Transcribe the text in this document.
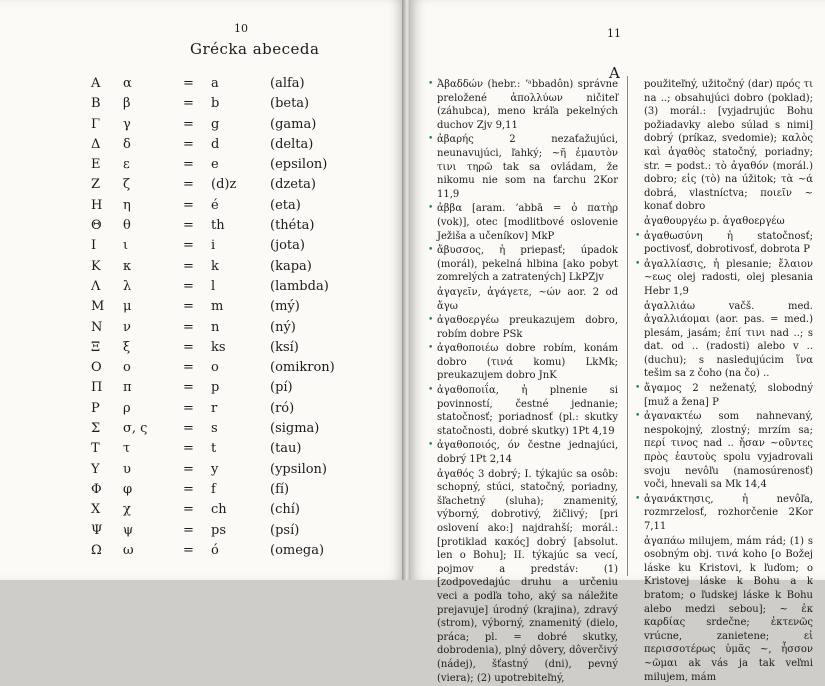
10
Grécka abeceda
Α α	= a	(alfa)
Β β	= b	(beta)
Γ γ	= g	(gama)
Δ δ	= d	(delta)
Ε ε	= e	(epsilon)
Ζ ζ	= (d)z	(dzeta)
Η η	= é	(eta)
Θ θ	= th	(théta)
Ι ι	= i	(jota)
Κ κ	= k	(kapa)
Λ λ	= l	(lambda)
Μ μ	= m	(mý)
Ν ν	= n	(ný)
Ξ ξ	= ks	(ksí)
Ο ο	= o	(omikron)
Π π	= p	(pí)
Ρ ρ	= r	(ró)
Σ σ, ς	= s	(sigma)
Τ τ	= t	(tau)
Υ υ	= y	(ypsilon)
Φ φ	= f	(fí)
Χ χ	= ch	(chí)
Ψ ψ	= ps	(psí)
Ω ω	= ó	(omega)
11
A
• Ἀβαδδών (hebr.: ʼᵃbbadôn) správne preložené ἀπολλύων ničiteľ (záhubca), meno kráľa pekelných duchov Zjv 9,11
• ἀβαρής 2 nezaťažujúci, neunavujúci, ľahký; ~ῆ ἐμαυτὸν τινι τηρῶ tak sa ovládam, že nikomu nie som na ťarchu 2Kor 11,9
• ἀββα [aram. ʼabbā = ὁ πατὴρ (vok)], otec [modlitbové oslovenie Ježiša a učeníkov] MkP
• ἄβυσσος, ἡ priepasť; úpadok (morál), pekelná hlbina [ako pobyt zomrelých a zatratených] LkPZjv
ἀγαγεῖν, ἀγάγετε, ~ών aor. 2 od ἄγω
• ἀγαθοεργέω preukazujem dobro, robím dobre PSk
• ἀγαθοποιέω dobre robím, konám dobro (τινά komu) LkMk; preukazujem dobro JnK
• ἀγαθοποιΐα, ἡ plnenie si povinností, čestné jednanie; statočnosť; poriadnosť (pl.: skutky statočnosti, dobré skutky) 1Pt 4,19
• ἀγαθοποιός, όν čestne jednajúci, dobrý 1Pt 2,14
ἀγαθός 3 dobrý; I. týkajúc sa osôb: schopný, stúci, statočný, poriadny, šľachetný (sluha); znamenitý, výborný, dobrotivý, žičlivý; [pri oslovení ako:] najdrahší; morál.: [protiklad κακός] dobrý [absolut. len o Bohu]; II. týkajúc sa vecí, pojmov a predstáv: (1) [zodpovedajúc druhu a určeniu veci a podľa toho, aký sa náležite prejavuje] úrodný (krajina), zdravý (strom), výborný, znamenitý (dielo, práca; pl. = dobré skutky, dobrodenia), plný dôvery, dôverčivý (nádej), šťastný (dni), pevný (viera); (2) upotrebiteľný,
použiteľný, užitočný (dar) πρός τι na ..; obsahujúci dobro (poklad); (3) morál.: [vyjadrujúc Bohu požiadavky alebo súlad s nimi] dobrý (príkaz, svedomie); καλὸς καὶ ἀγαθὸς statočný, poriadny; str. = podst.: τὸ ἀγαθόν (morál.) dobro; εἰς (τὸ) na úžitok; τὰ ~ά dobrá, vlastníctva; ποιεῖν ~ konať dobro
ἀγαθουργέω p. ἀγαθοεργέω
• ἀγαθωσύνη ἡ statočnosť; poctivosť, dobrotivosť, dobrota P
• ἀγαλλίασις, ἡ plesanie; ἔλαιον ~εως olej radosti, olej plesania Hebr 1,9
ἀγαλλιάω vačš. med. ἀγαλλιάομαι (aor. pas. = med.) plesám, jasám; ἐπί τινι nad ..; s dat. od .. (radosti) alebo v .. (duchu); s nasledujúcim ἵνα tešim sa z čoho (na čo) ..
• ἄγαμος 2 neženatý, slobodný [muž a žena] P
• ἀγανακτέω som nahnevaný, nespokojný, zlostný; mrzím sa; περί τινος nad .. ἤσαν ~οῦντες πρὸς ἑαυτοὺς spolu vyjadrovali svoju nevôľu (namosúrenosť) voči, hnevali sa Mk 14,4
• ἀγανάκτησις, ἡ nevôľa, rozmrzelosť, rozhorčenie 2Kor 7,11
ἀγαπάω milujem, mám rád; (1) s osobným obj. τινά koho [o Božej láske ku Kristovi, k ľuďom; o Kristovej láske k Bohu a k bratom; o ľudskej láske k Bohu alebo medzi sebou]; ~ ἐκ καρδίας srdečne; ἐκτενῶς vrúcne, zanietene; εἰ περισσοτέρως ὑμᾶς ~, ἧσσον ~ῶμαι ak vás ja tak veľmi milujem, mám
